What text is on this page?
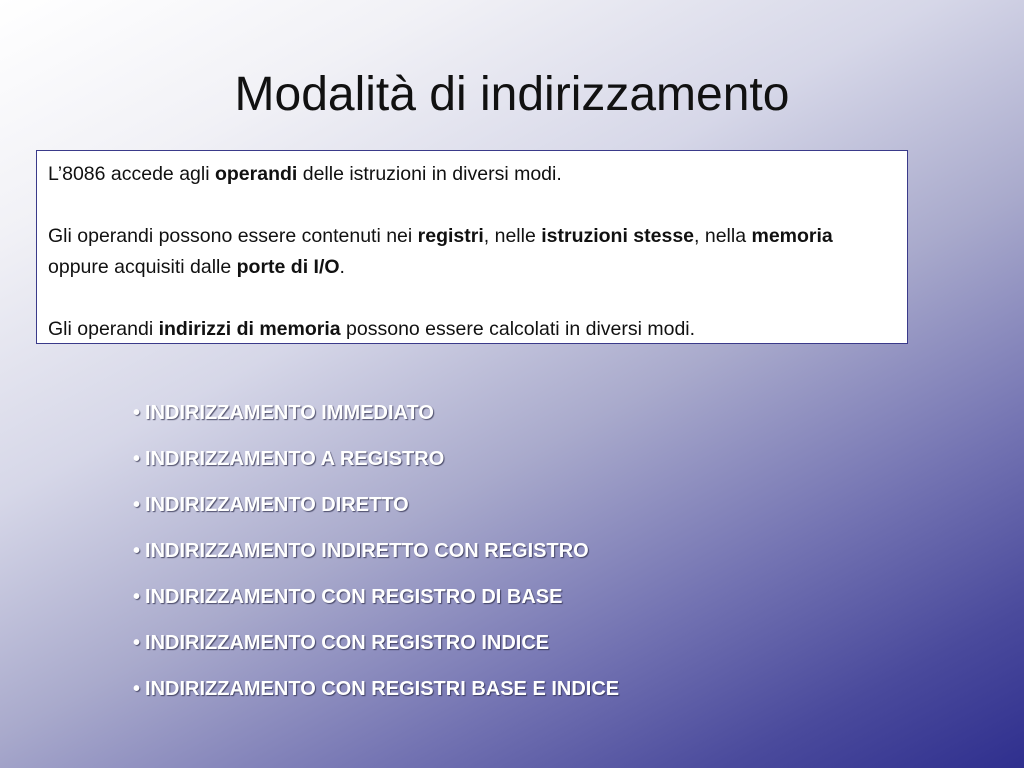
Modalità di indirizzamento

L’8086 accede agli operandi delle istruzioni in diversi modi.

Gli operandi possono essere contenuti nei registri, nelle istruzioni stesse, nella memoria oppure acquisiti dalle porte di I/O.

Gli operandi indirizzi di memoria possono essere calcolati in diversi modi.

• INDIRIZZAMENTO IMMEDIATO
• INDIRIZZAMENTO A REGISTRO
• INDIRIZZAMENTO DIRETTO
• INDIRIZZAMENTO INDIRETTO CON REGISTRO
• INDIRIZZAMENTO CON REGISTRO DI BASE
• INDIRIZZAMENTO CON REGISTRO INDICE
• INDIRIZZAMENTO CON REGISTRI BASE E INDICE
